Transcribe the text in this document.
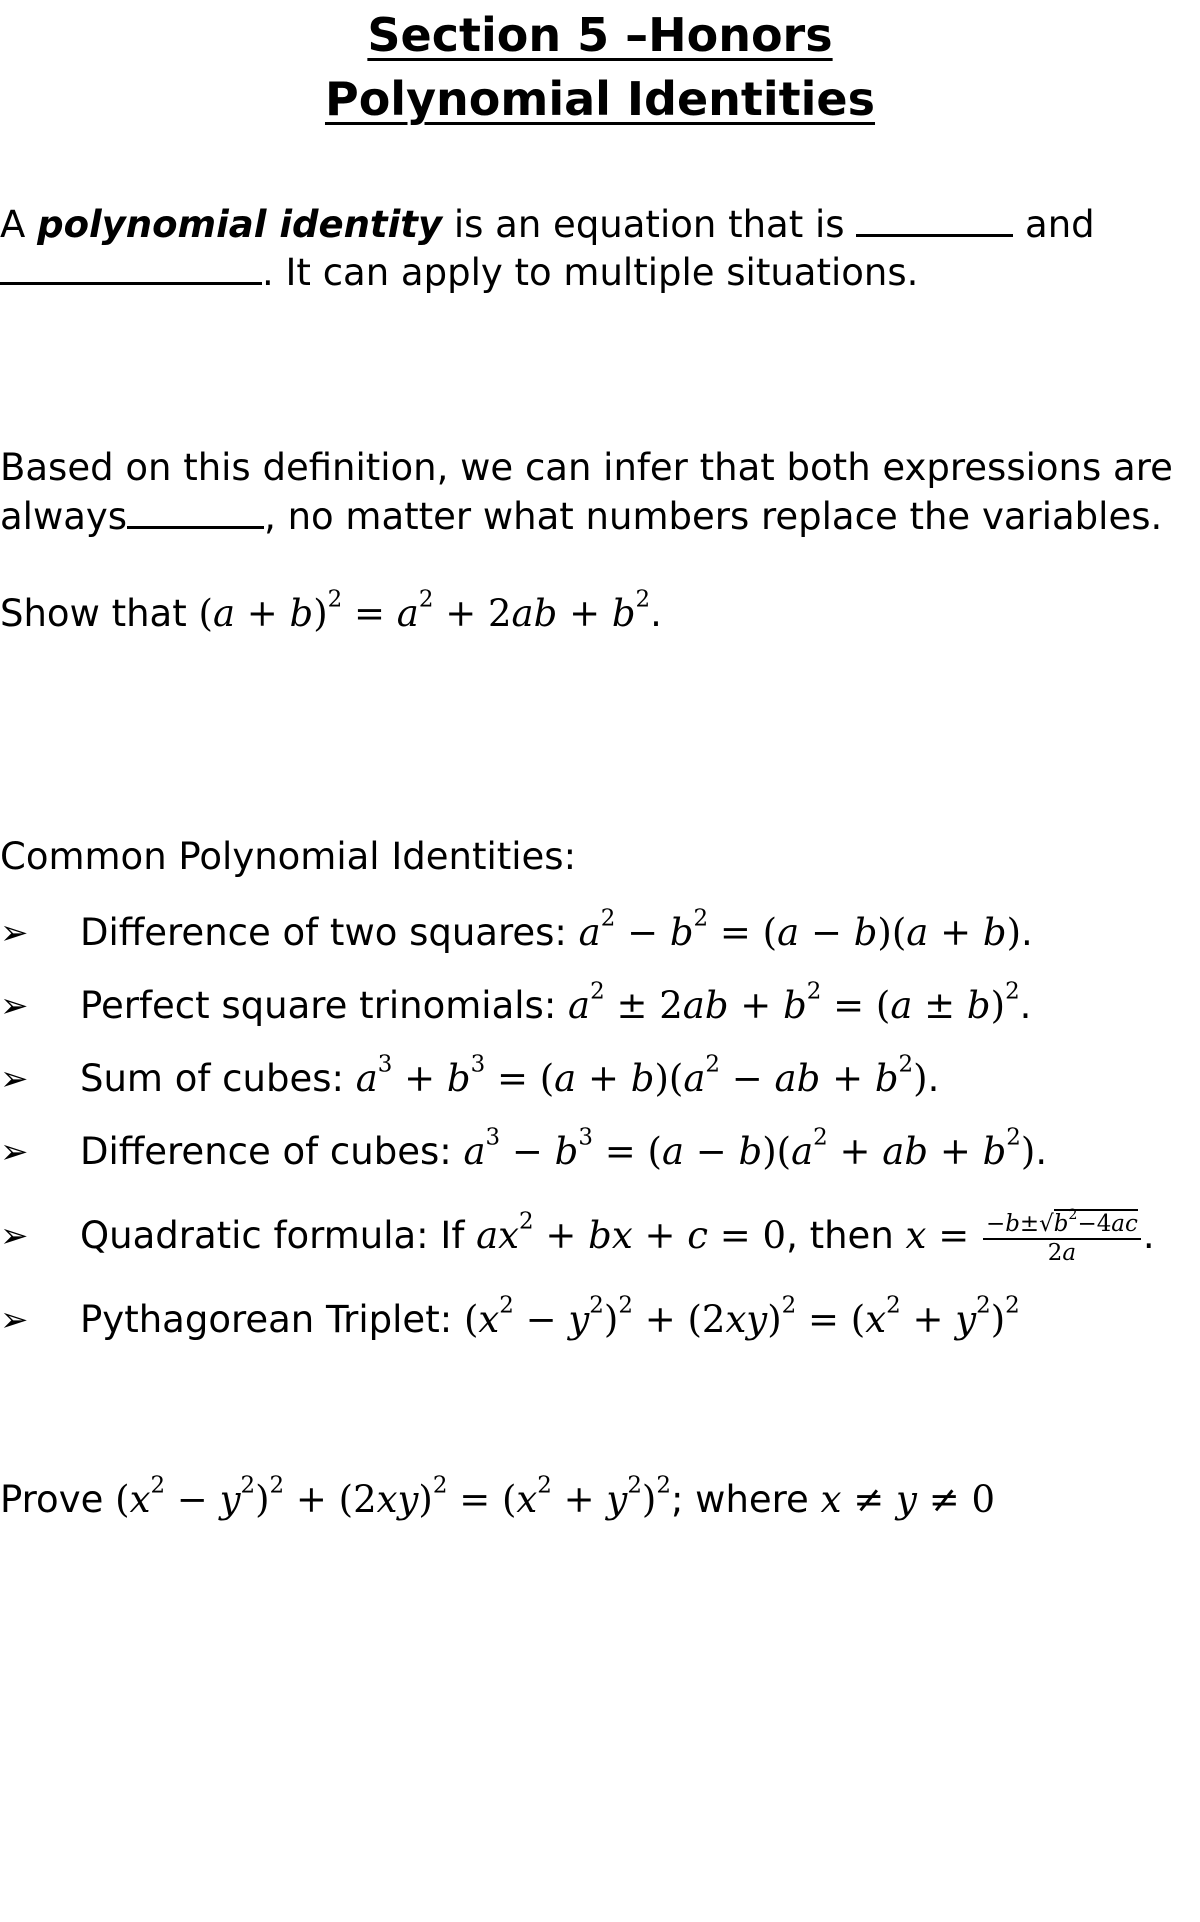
Section 5 –Honors
Polynomial Identities
A polynomial identity is an equation that is	and
. It can apply to multiple situations.
Based on this definition, we can infer that both expressions are
always	, no matter what numbers replace the variables.
Show that $(a + b)^2 = a^2 + 2ab + b^2$.
Common Polynomial Identities:
➢	Difference of two squares: $a^2 - b^2 = (a - b)(a + b)$.
➢	Perfect square trinomials: $a^2 \pm 2ab + b^2 = (a \pm b)^2$.
➢	Sum of cubes: $a^3 + b^3 = (a + b)(a^2$ − ab + $b^2$).
➢	Difference of cubes: $a^3 - b^3 = (a - b)(a^2$ + ab + $b^2$).
➢	Quadratic formula: If $ax^2$ + bx + c = 0, then $x = \frac{-b\pm√b^2-4ac}{2a}$ .
➢	Pythagorean Triplet: $(x^2 - y^2)^2 + (2xy)^2 = (x^2 + y^2)^2$
Prove $(x^2 - y^2)^2 + (2xy)^2 = (x^2 + y^2)^2$; where x ≠ y ≠ 0
